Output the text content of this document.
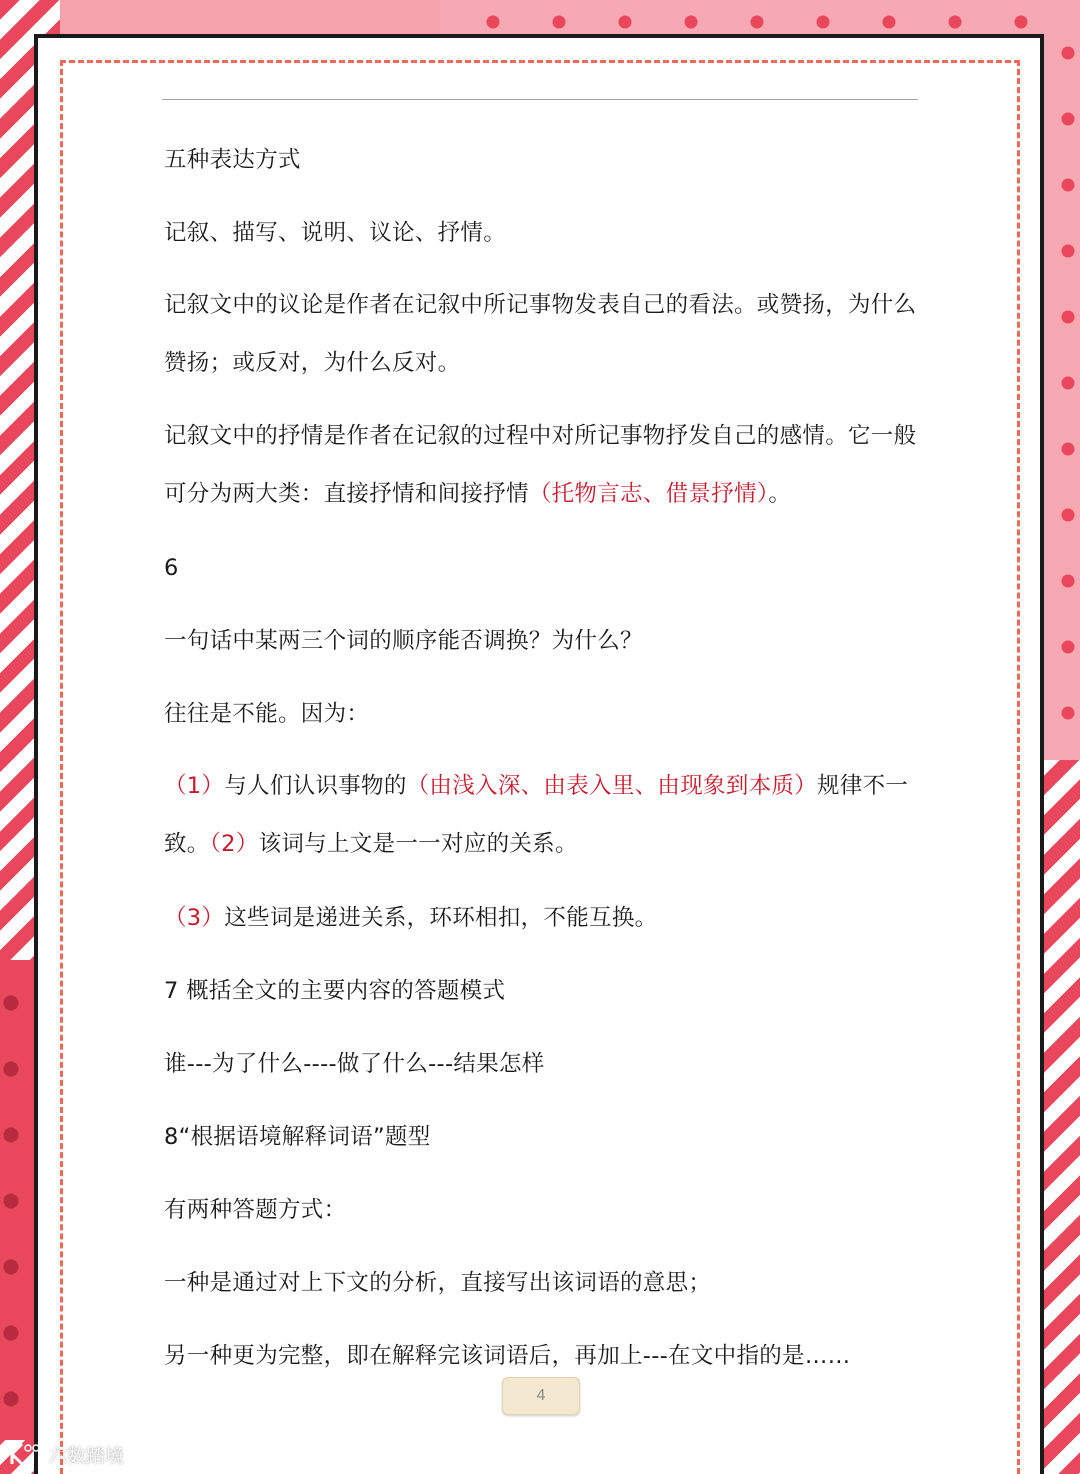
五种表达方式

记叙、描写、说明、议论、抒情。

记叙文中的议论是作者在记叙中所记事物发表自己的看法。或赞扬，为什么赞扬；或反对，为什么反对。

记叙文中的抒情是作者在记叙的过程中对所记事物抒发自己的感情。它一般可分为两大类：直接抒情和间接抒情（托物言志、借景抒情）。

6

一句话中某两三个词的顺序能否调换？为什么？

往往是不能。因为：

（1）与人们认识事物的（由浅入深、由表入里、由现象到本质）规律不一致。（2）该词与上文是一一对应的关系。

（3）这些词是递进关系，环环相扣，不能互换。

7 概括全文的主要内容的答题模式

谁---为了什么----做了什么---结果怎样

8“根据语境解释词语”题型

有两种答题方式：

一种是通过对上下文的分析，直接写出该词语的意思；

另一种更为完整，即在解释完该词语后，再加上---在文中指的是……

4
六数踏境
